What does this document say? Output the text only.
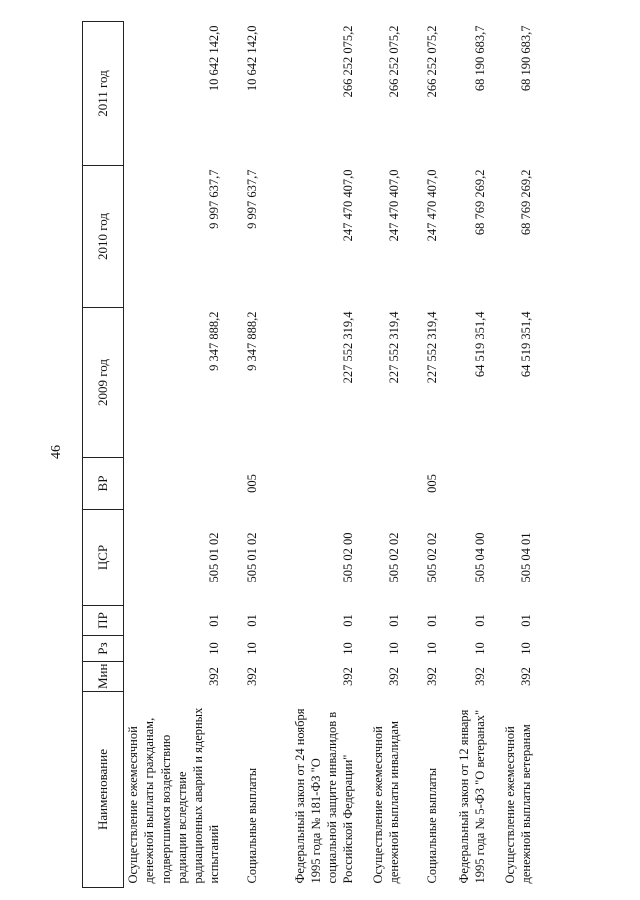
46
Наименование	Мин	Рз	ПР	ЦСР	ВР	2009 год	2010 год	2011 год
Осуществление ежемесячной денежной выплаты гражданам, подвергшимся воздействию радиации вследствие радиационных аварий и ядерных испытаний	392	10	01	505 01 02		9 347 888,2	9 997 637,7	10 642 142,0
Социальные выплаты	392	10	01	505 01 02	005	9 347 888,2	9 997 637,7	10 642 142,0
Федеральный закон от 24 ноября 1995 года № 181-ФЗ "О социальной защите инвалидов в Российской Федерации"	392	10	01	505 02 00		227 552 319,4	247 470 407,0	266 252 075,2
Осуществление ежемесячной денежной выплаты инвалидам	392	10	01	505 02 02		227 552 319,4	247 470 407,0	266 252 075,2
Социальные выплаты	392	10	01	505 02 02	005	227 552 319,4	247 470 407,0	266 252 075,2
Федеральный закон от 12 января 1995 года № 5-ФЗ "О ветеранах"	392	10	01	505 04 00		64 519 351,4	68 769 269,2	68 190 683,7
Осуществление ежемесячной денежной выплаты ветеранам	392	10	01	505 04 01		64 519 351,4	68 769 269,2	68 190 683,7
